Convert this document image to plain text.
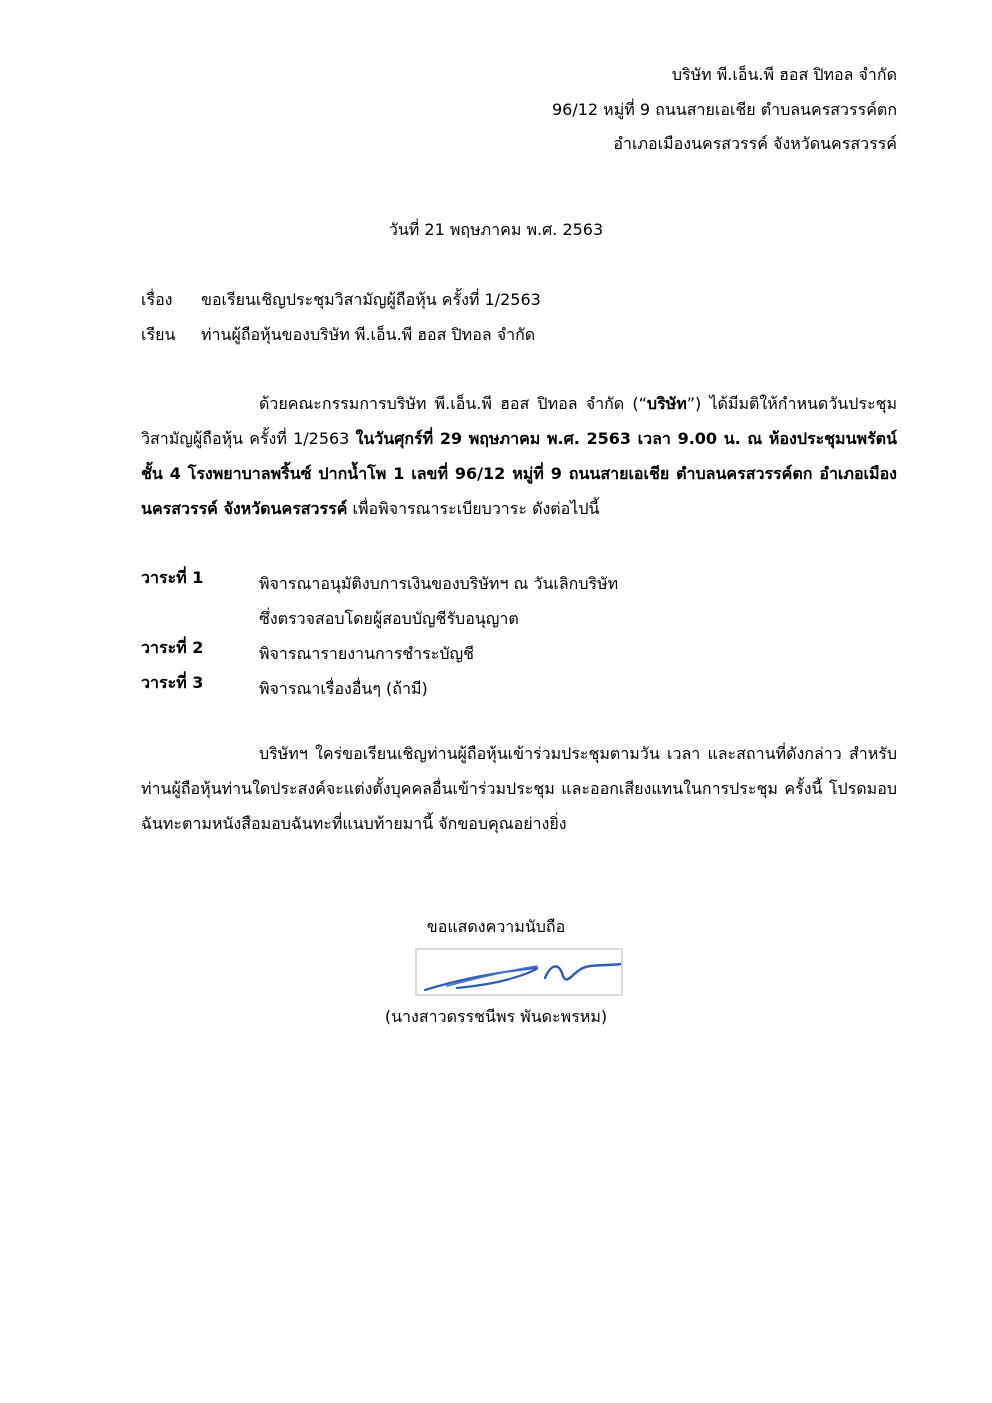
บริษัท พี.เอ็น.พี ฮอส ปิทอล จำกัด
96/12 หมู่ที่ 9 ถนนสายเอเชีย ตำบลนครสวรรค์ตก
อำเภอเมืองนครสวรรค์ จังหวัดนครสวรรค์
วันที่ 21 พฤษภาคม พ.ศ. 2563
เรื่อง	ขอเรียนเชิญประชุมวิสามัญผู้ถือหุ้น ครั้งที่ 1/2563
เรียน	ท่านผู้ถือหุ้นของบริษัท พี.เอ็น.พี ฮอส ปิทอล จำกัด
ด้วยคณะกรรมการบริษัท พี.เอ็น.พี ฮอส ปิทอล จำกัด (“บริษัท”) ได้มีมติให้กำหนดวันประชุมวิสามัญผู้ถือหุ้น ครั้งที่ 1/2563 ในวันศุกร์ที่ 29 พฤษภาคม พ.ศ. 2563 เวลา 9.00 น. ณ ห้องประชุมนพรัตน์ชั้น 4 โรงพยาบาลพริ้นซ์ ปากน้ำโพ 1 เลขที่ 96/12 หมู่ที่ 9 ถนนสายเอเชีย ตำบลนครสวรรค์ตก อำเภอเมืองนครสวรรค์ จังหวัดนครสวรรค์ เพื่อพิจารณาระเบียบวาระ ดังต่อไปนี้
วาระที่ 1	พิจารณาอนุมัติงบการเงินของบริษัทฯ ณ วันเลิกบริษัท
ซึ่งตรวจสอบโดยผู้สอบบัญชีรับอนุญาต
วาระที่ 2	พิจารณารายงานการชำระบัญชี
วาระที่ 3	พิจารณาเรื่องอื่นๆ (ถ้ามี)
บริษัทฯ ใคร่ขอเรียนเชิญท่านผู้ถือหุ้นเข้าร่วมประชุมตามวัน เวลา และสถานที่ดังกล่าว สำหรับท่านผู้ถือหุ้นท่านใดประสงค์จะแต่งตั้งบุคคลอื่นเข้าร่วมประชุม และออกเสียงแทนในการประชุม ครั้งนี้ โปรดมอบฉันทะตามหนังสือมอบฉันทะที่แนบท้ายมานี้ จักขอบคุณอย่างยิ่ง
ขอแสดงความนับถือ
(นางสาวดรรชนีพร พันดะพรหม)
